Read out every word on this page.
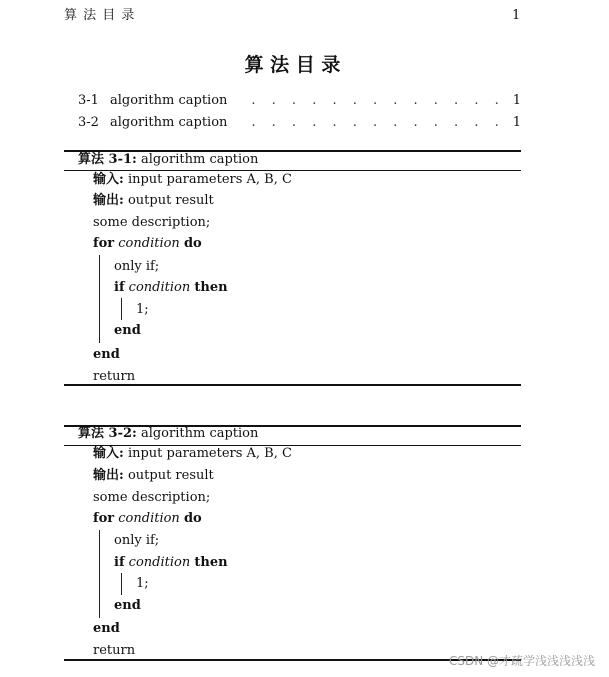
算 法 目 录	1
算 法 目 录
3-1 algorithm caption	. . . . . . . . . . . . . 1
3-2 algorithm caption	. . . . . . . . . . . . . 1
算法 3-1: algorithm caption
输入: input parameters A, B, C
输出: output result
some description;
for condition do
only if;
if condition then
1;
end
end
return
算法 3-2: algorithm caption
输入: input parameters A, B, C
输出: output result
some description;
for condition do
only if;
if condition then
1;
end
end
return
CSDN @才疏学浅浅浅浅浅
